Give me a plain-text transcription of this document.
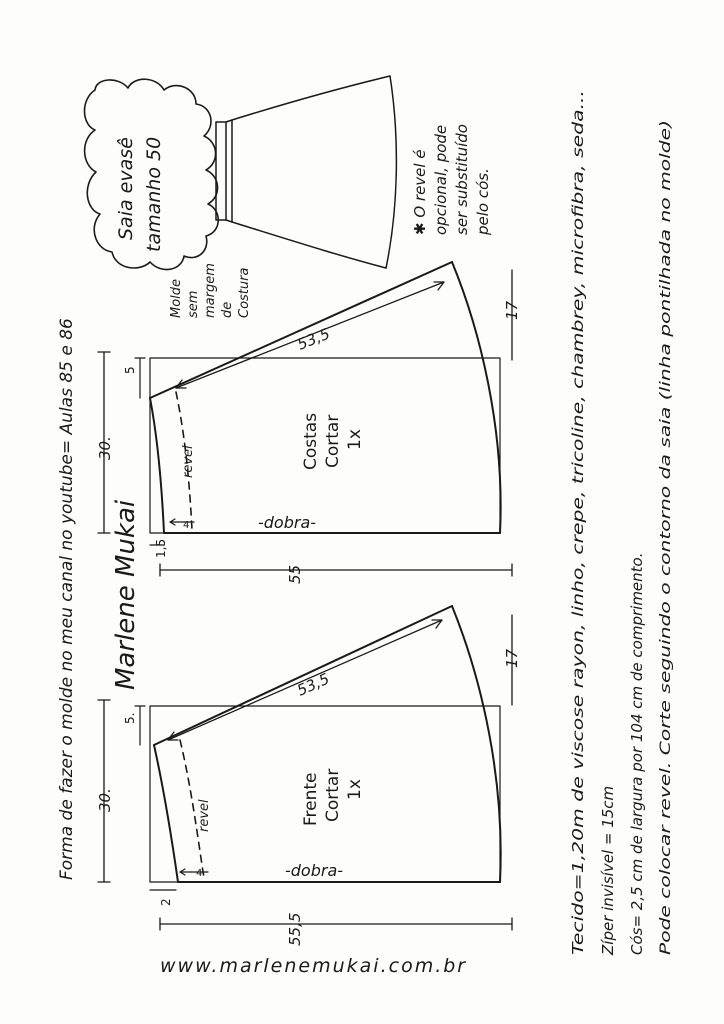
Forma de fazer o molde no meu canal no youtube= Aulas 85 e 86
Saia evasê tamanho 50	✱ O revel é opcional, pode ser substituído pelo cós.
Molde sem margem de Costura
Costas Cortar 1x
-dobra-
revel
53,5
4
30.
5
55
1,5
17
Frente Cortar 1x
-dobra-
revel
53,5
4
30.
5.
55,5
2
17
Marlene Mukai	Tecido=1,20m de viscose rayon, linho, crepe, tricoline, chambrey, microfibra, seda... Zíper invisível = 15cm Cós= 2,5 cm de largura por 104 cm de comprimento. Pode colocar revel. Corte seguindo o contorno da saia (linha pontilhada no molde)
www.marlenemukai.com.br
